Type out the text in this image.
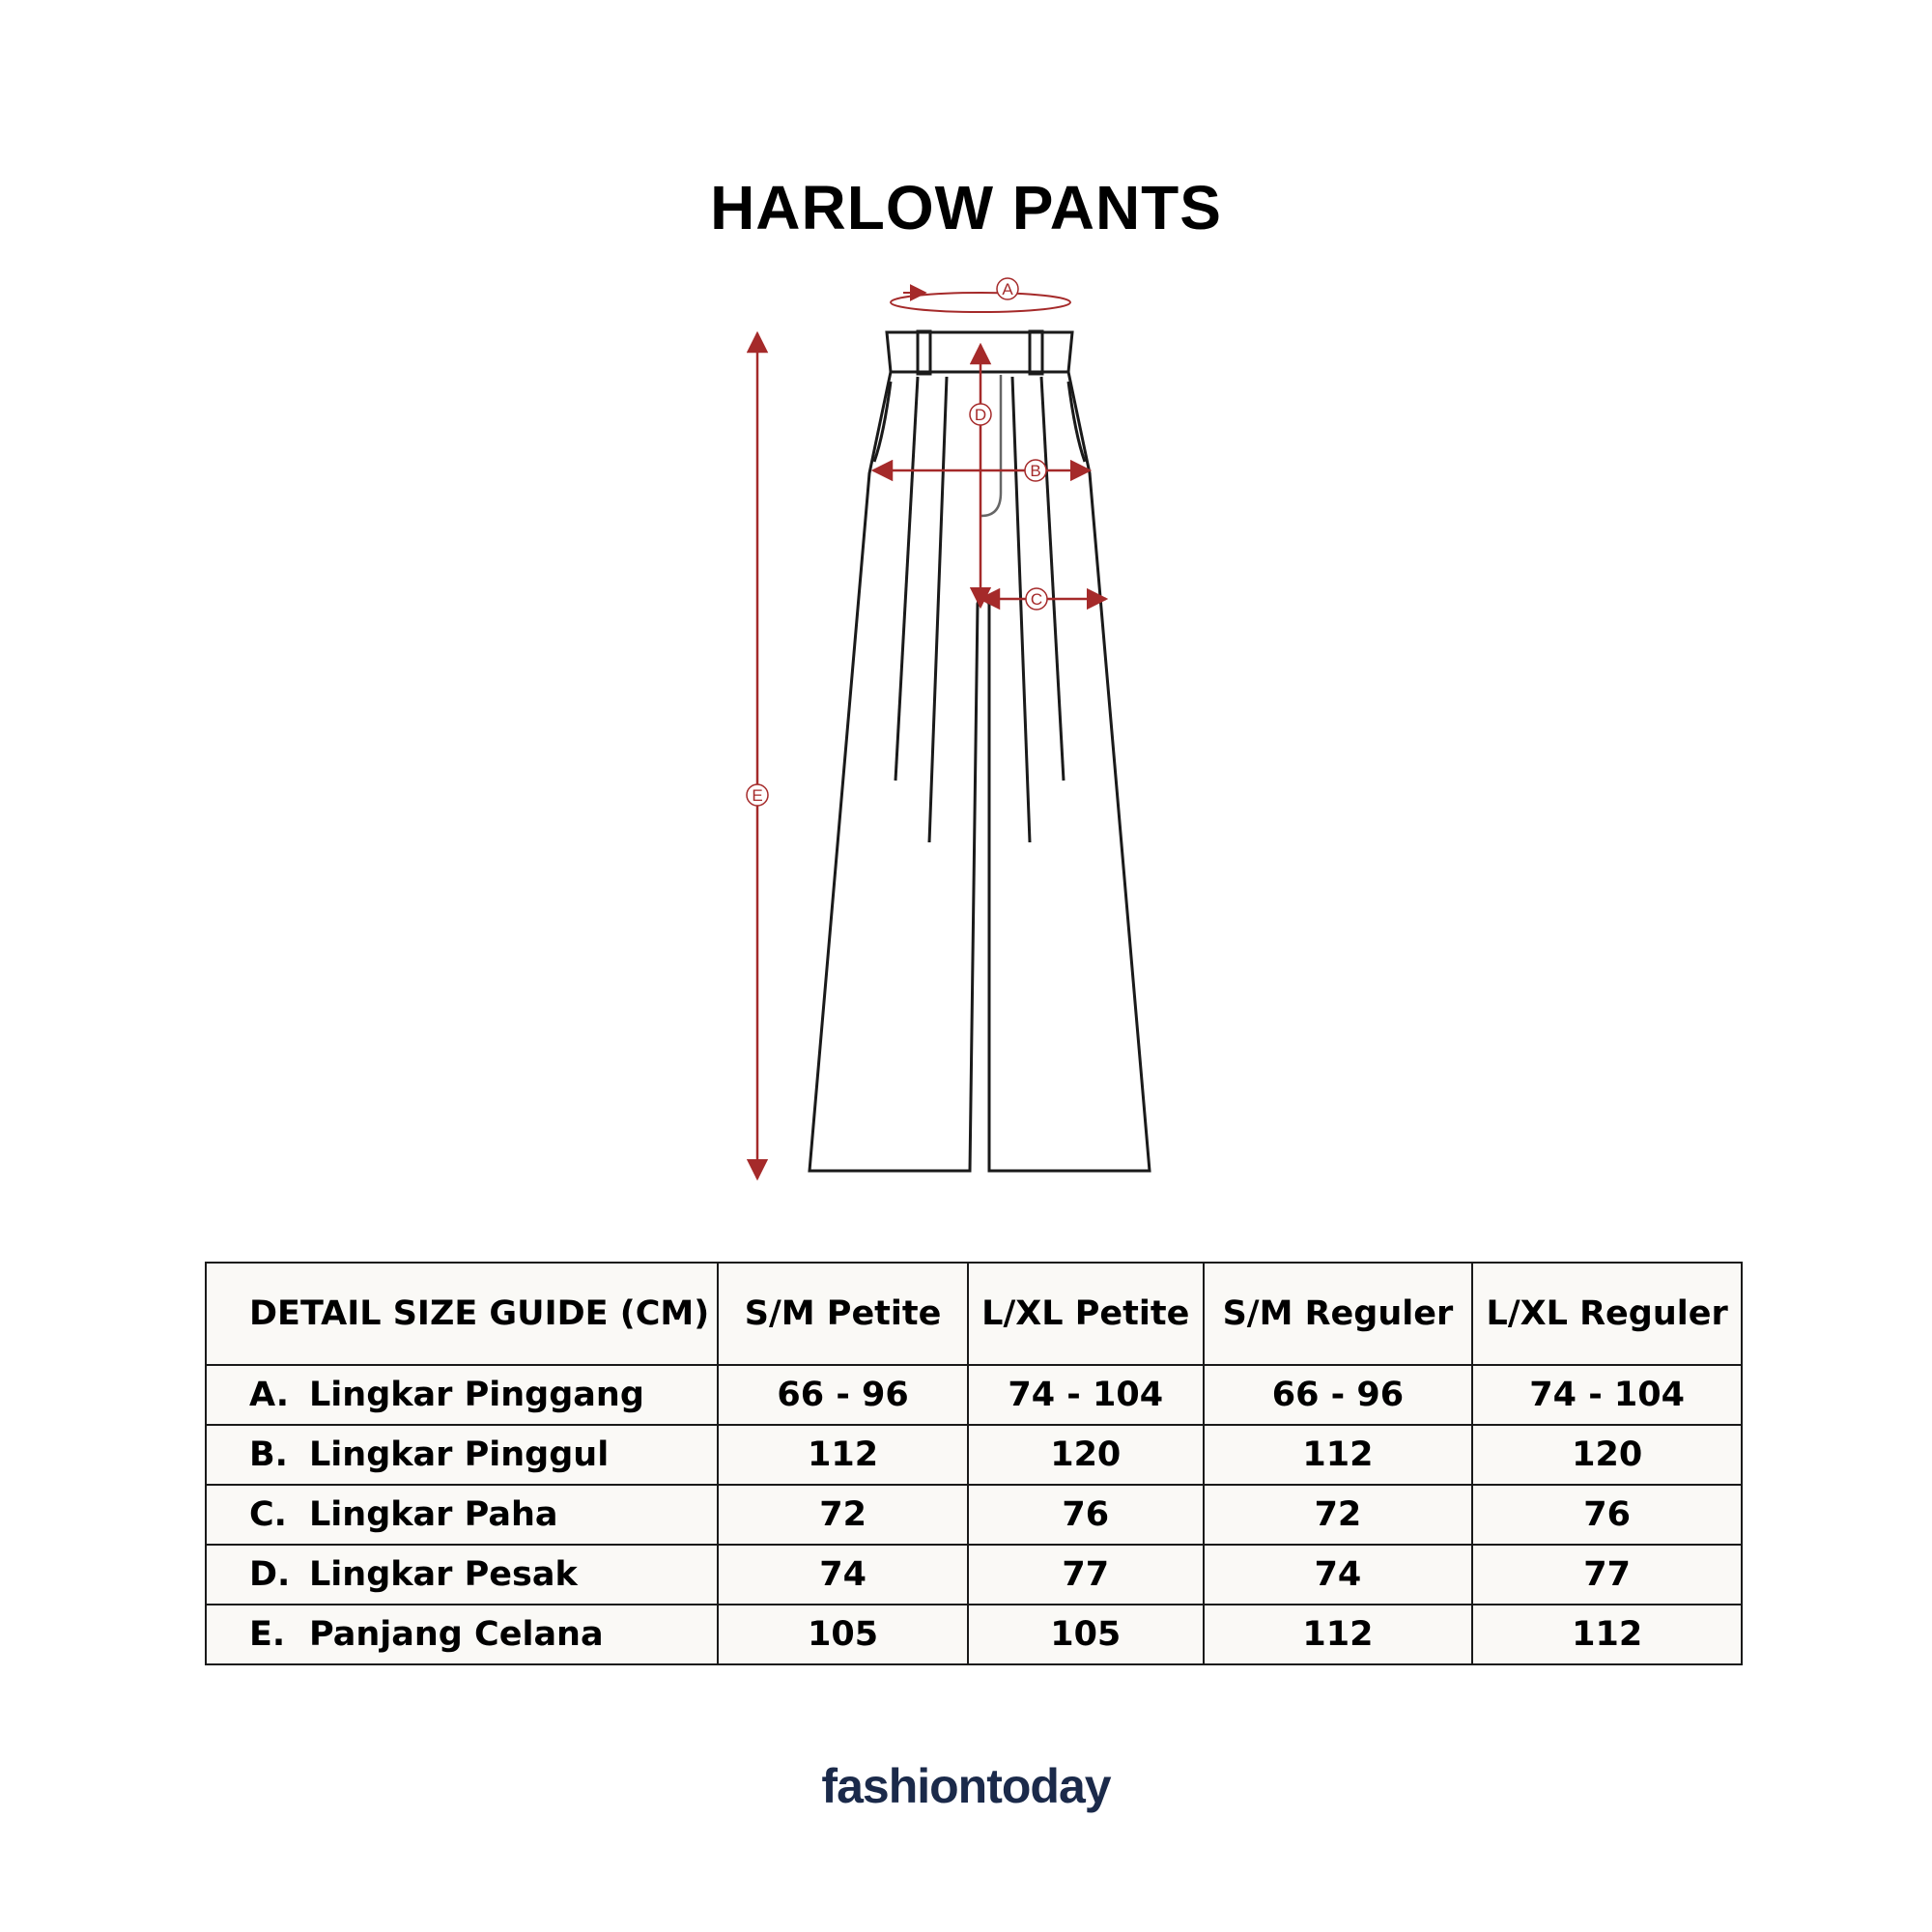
HARLOW PANTS
A
B
C
D
E
DETAIL SIZE GUIDE (CM)	S/M Petite	L/XL Petite	S/M Reguler	L/XL Reguler
A. Lingkar Pinggang	66 - 96	74 - 104	66 - 96	74 - 104
B. Lingkar Pinggul	112	120	112	120
C. Lingkar Paha	72	76	72	76
D. Lingkar Pesak	74	77	74	77
E. Panjang Celana	105	105	112	112
fashiontoday
